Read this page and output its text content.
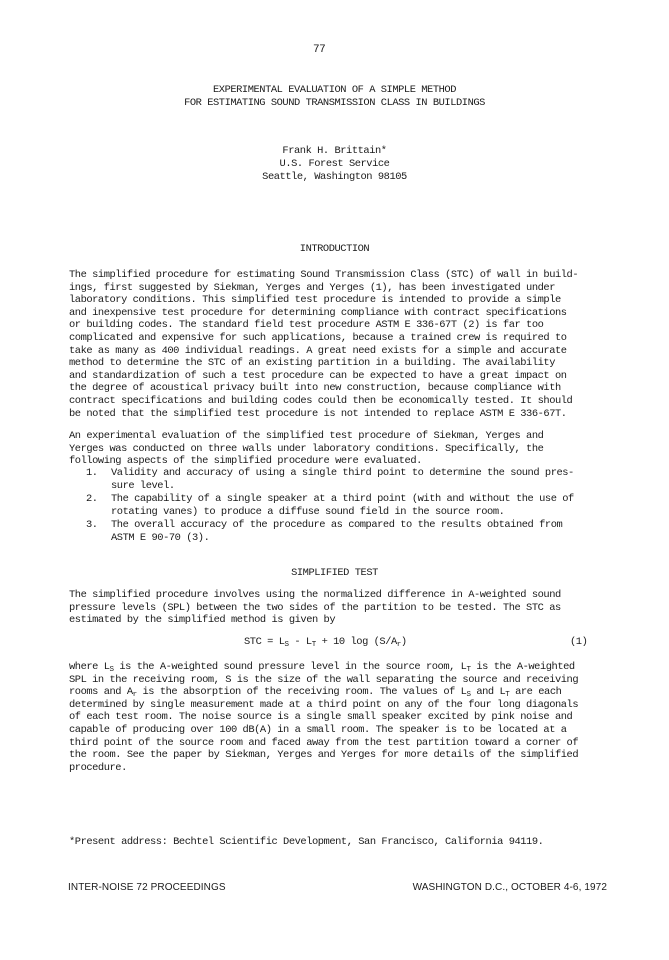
77
EXPERIMENTAL EVALUATION OF A SIMPLE METHOD
FOR ESTIMATING SOUND TRANSMISSION CLASS IN BUILDINGS
Frank H. Brittain*
U.S. Forest Service
Seattle, Washington 98105
INTRODUCTION
The simplified procedure for estimating Sound Transmission Class (STC) of wall in build-
ings, first suggested by Siekman, Yerges and Yerges (1), has been investigated under
laboratory conditions. This simplified test procedure is intended to provide a simple
and inexpensive test procedure for determining compliance with contract specifications
or building codes. The standard field test procedure ASTM E 336-67T (2) is far too
complicated and expensive for such applications, because a trained crew is required to
take as many as 400 individual readings. A great need exists for a simple and accurate
method to determine the STC of an existing partition in a building. The availability
and standardization of such a test procedure can be expected to have a great impact on
the degree of acoustical privacy built into new construction, because compliance with
contract specifications and building codes could then be economically tested. It should
be noted that the simplified test procedure is not intended to replace ASTM E 336-67T.
An experimental evaluation of the simplified test procedure of Siekman, Yerges and
Yerges was conducted on three walls under laboratory conditions. Specifically, the
following aspects of the simplified procedure were evaluated.
1. Validity and accuracy of using a single third point to determine the sound pres-
sure level.
2. The capability of a single speaker at a third point (with and without the use of
rotating vanes) to produce a diffuse sound field in the source room.
3. The overall accuracy of the procedure as compared to the results obtained from
ASTM E 90-70 (3).
SIMPLIFIED TEST
The simplified procedure involves using the normalized difference in A-weighted sound
pressure levels (SPL) between the two sides of the partition to be tested. The STC as
estimated by the simplified method is given by
STC = $L_S - L_T + 10$ $\log (S/A_r)$	(1)
where $L_S$ is the A-weighted sound pressure level in the source room, $L_T$ is the A-weighted
SPL in the receiving room, S is the size of the wall separating the source and receiving
rooms and $A_r$ is the absorption of the receiving room. The values of $L_S$ and $L_T$ are each
determined by single measurement made at a third point on any of the four long diagonals
of each test room. The noise source is a single small speaker excited by pink noise and
capable of producing over 100 dB(A) in a small room. The speaker is to be located at a
third point of the source room and faced away from the test partition toward a corner of
the room. See the paper by Siekman, Yerges and Yerges for more details of the simplified
procedure.
*Present address: Bechtel Scientific Development, San Francisco, California 94119.
INTER-NOISE 72 PROCEEDINGS	WASHINGTON D.C., OCTOBER 4-6, 1972
